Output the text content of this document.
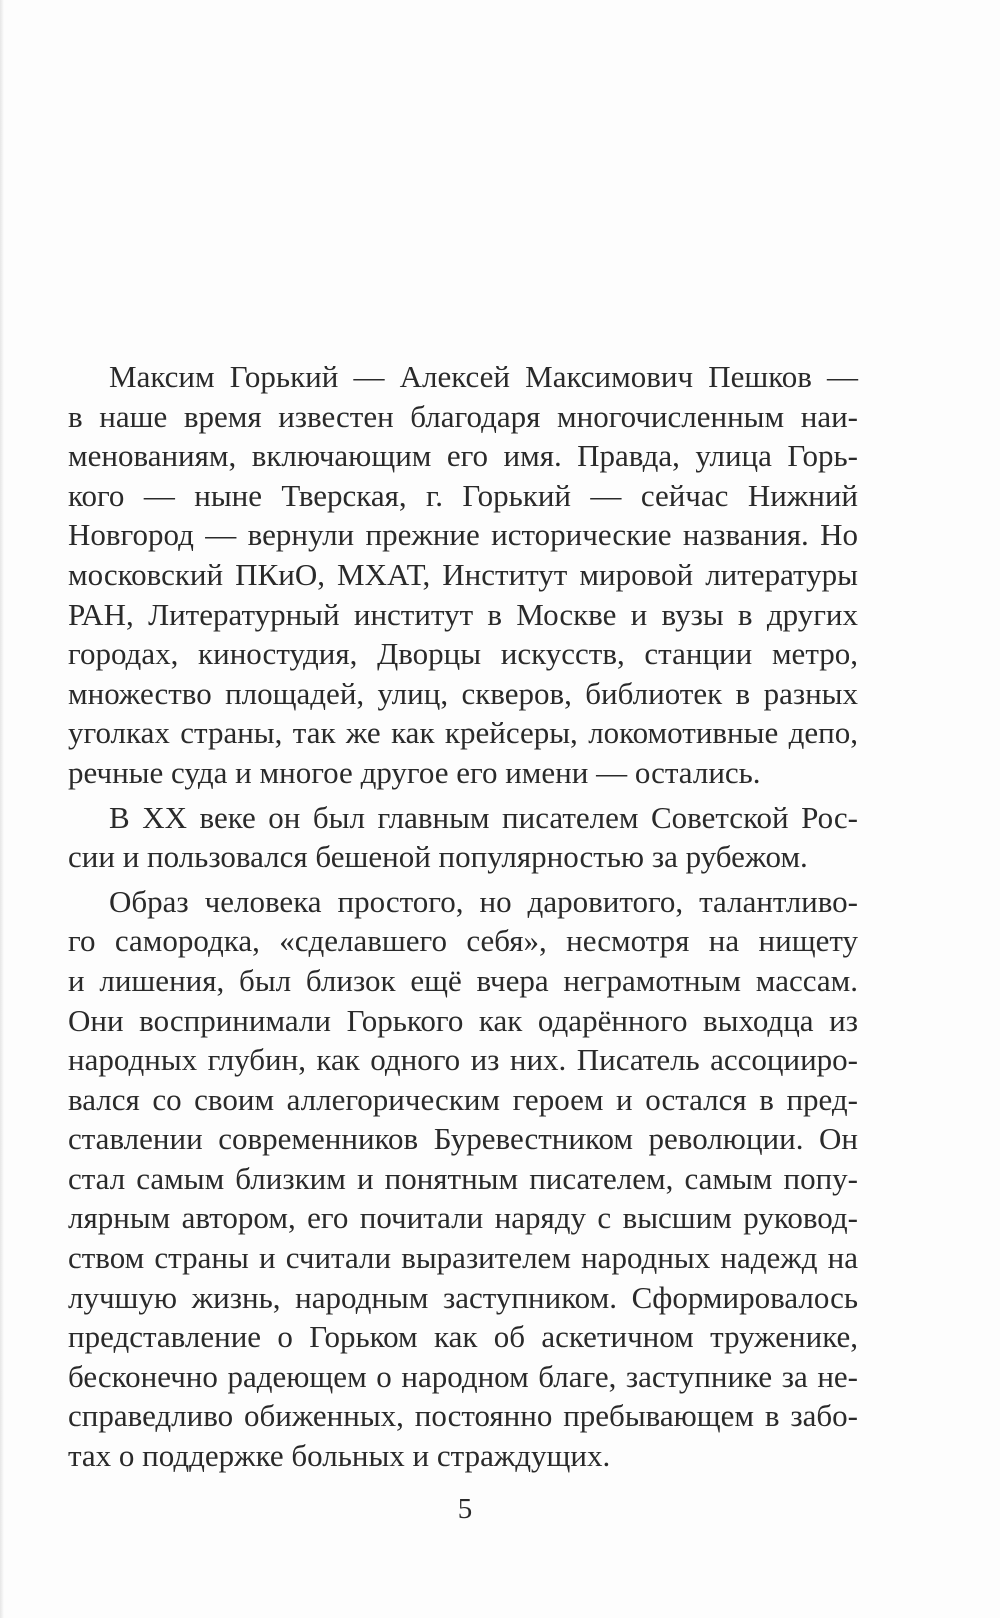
Максим Горький — Алексей Максимович Пешков —
в наше время известен благодаря многочисленным наи-
менованиям, включающим его имя. Правда, улица Горь-
кого — ныне Тверская, г. Горький — сейчас Нижний
Новгород — вернули прежние исторические названия. Но
московский ПКиО, МХАТ, Институт мировой литературы
РАН, Литературный институт в Москве и вузы в других
городах, киностудия, Дворцы искусств, станции метро,
множество площадей, улиц, скверов, библиотек в разных
уголках страны, так же как крейсеры, локомотивные депо,
речные суда и многое другое его имени — остались.
В XX веке он был главным писателем Советской Рос-
сии и пользовался бешеной популярностью за рубежом.
Образ человека простого, но даровитого, талантливо-
го самородка, «сделавшего себя», несмотря на нищету
и лишения, был близок ещё вчера неграмотным массам.
Они воспринимали Горького как одарённого выходца из
народных глубин, как одного из них. Писатель ассоцииро-
вался со своим аллегорическим героем и остался в пред-
ставлении современников Буревестником революции. Он
стал самым близким и понятным писателем, самым попу-
лярным автором, его почитали наряду с высшим руковод-
ством страны и считали выразителем народных надежд на
лучшую жизнь, народным заступником. Сформировалось
представление о Горьком как об аскетичном труженике,
бесконечно радеющем о народном благе, заступнике за не-
справедливо обиженных, постоянно пребывающем в забо-
тах о поддержке больных и страждущих.
5
